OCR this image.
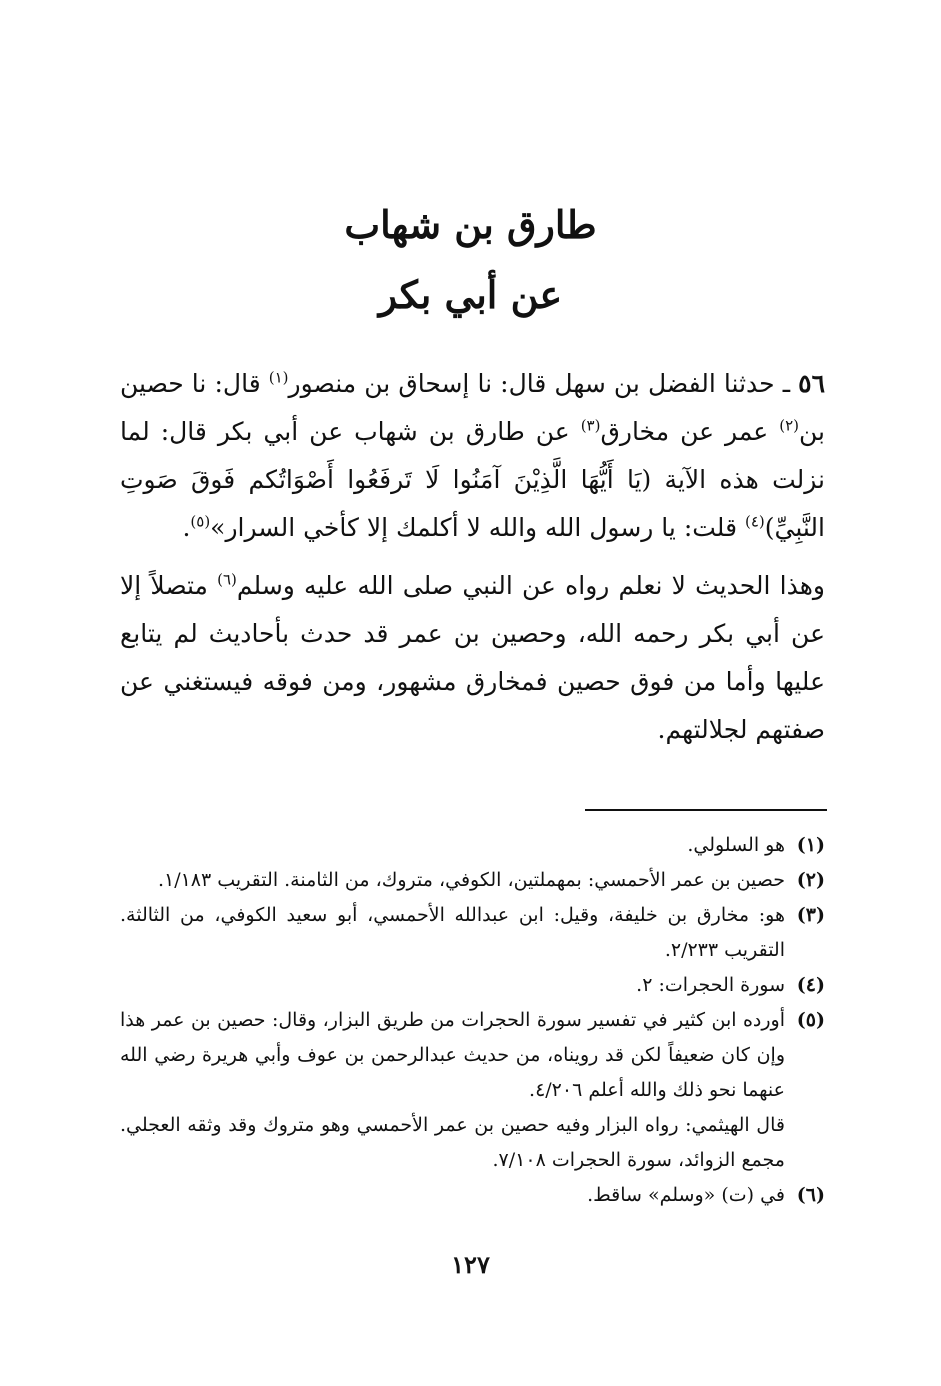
طارق بن شهاب
عن أبي بكر

٥٦ ـ حدثنا الفضل بن سهل قال: نا إسحاق بن منصور$^{(١)}$ قال: نا حصين بن$^{(٢)}$ عمر عن مخارق$^{(٣)}$ عن طارق بن شهاب عن أبي بكر قال: لما نزلت هذه الآية (يَا أَيُّهَا الَّذِيْنَ آمَنُوا لَا تَرفَعُوا أَصْوَاتُكم فَوقَ صَوتِ النَّبِيِّ)$^{(٤)}$ قلت: يا رسول الله والله لا أكلمك إلا كأخي السرار»$^{(٥)}$.

وهذا الحديث لا نعلم رواه عن النبي صلى الله عليه وسلم$^{(٦)}$ متصلاً إلا عن أبي بكر رحمه الله، وحصين بن عمر قد حدث بأحاديث لم يتابع عليها وأما من فوق حصين فمخارق مشهور، ومن فوقه فيستغني عن صفتهم لجلالتهم.

(١)
هو السلولي.
(٢)
حصين بن عمر الأحمسي: بمهملتين، الكوفي، متروك، من الثامنة. التقريب ١/١٨٣.
(٣)
هو: مخارق بن خليفة، وقيل: ابن عبدالله الأحمسي، أبو سعيد الكوفي، من الثالثة. التقريب ٢/٢٣٣.
(٤)
سورة الحجرات: ٢.
(٥)
أورده ابن كثير في تفسير سورة الحجرات من طريق البزار، وقال: حصين بن عمر هذا وإن كان ضعيفاً لكن قد رويناه، من حديث عبدالرحمن بن عوف وأبي هريرة رضي الله عنهما نحو ذلك والله أعلم ٤/٢٠٦.
قال الهيثمي: رواه البزار وفيه حصين بن عمر الأحمسي وهو متروك وقد وثقه العجلي. مجمع الزوائد، سورة الحجرات ٧/١٠٨.
(٦)
في (ت) «وسلم» ساقط.
١٢٧
